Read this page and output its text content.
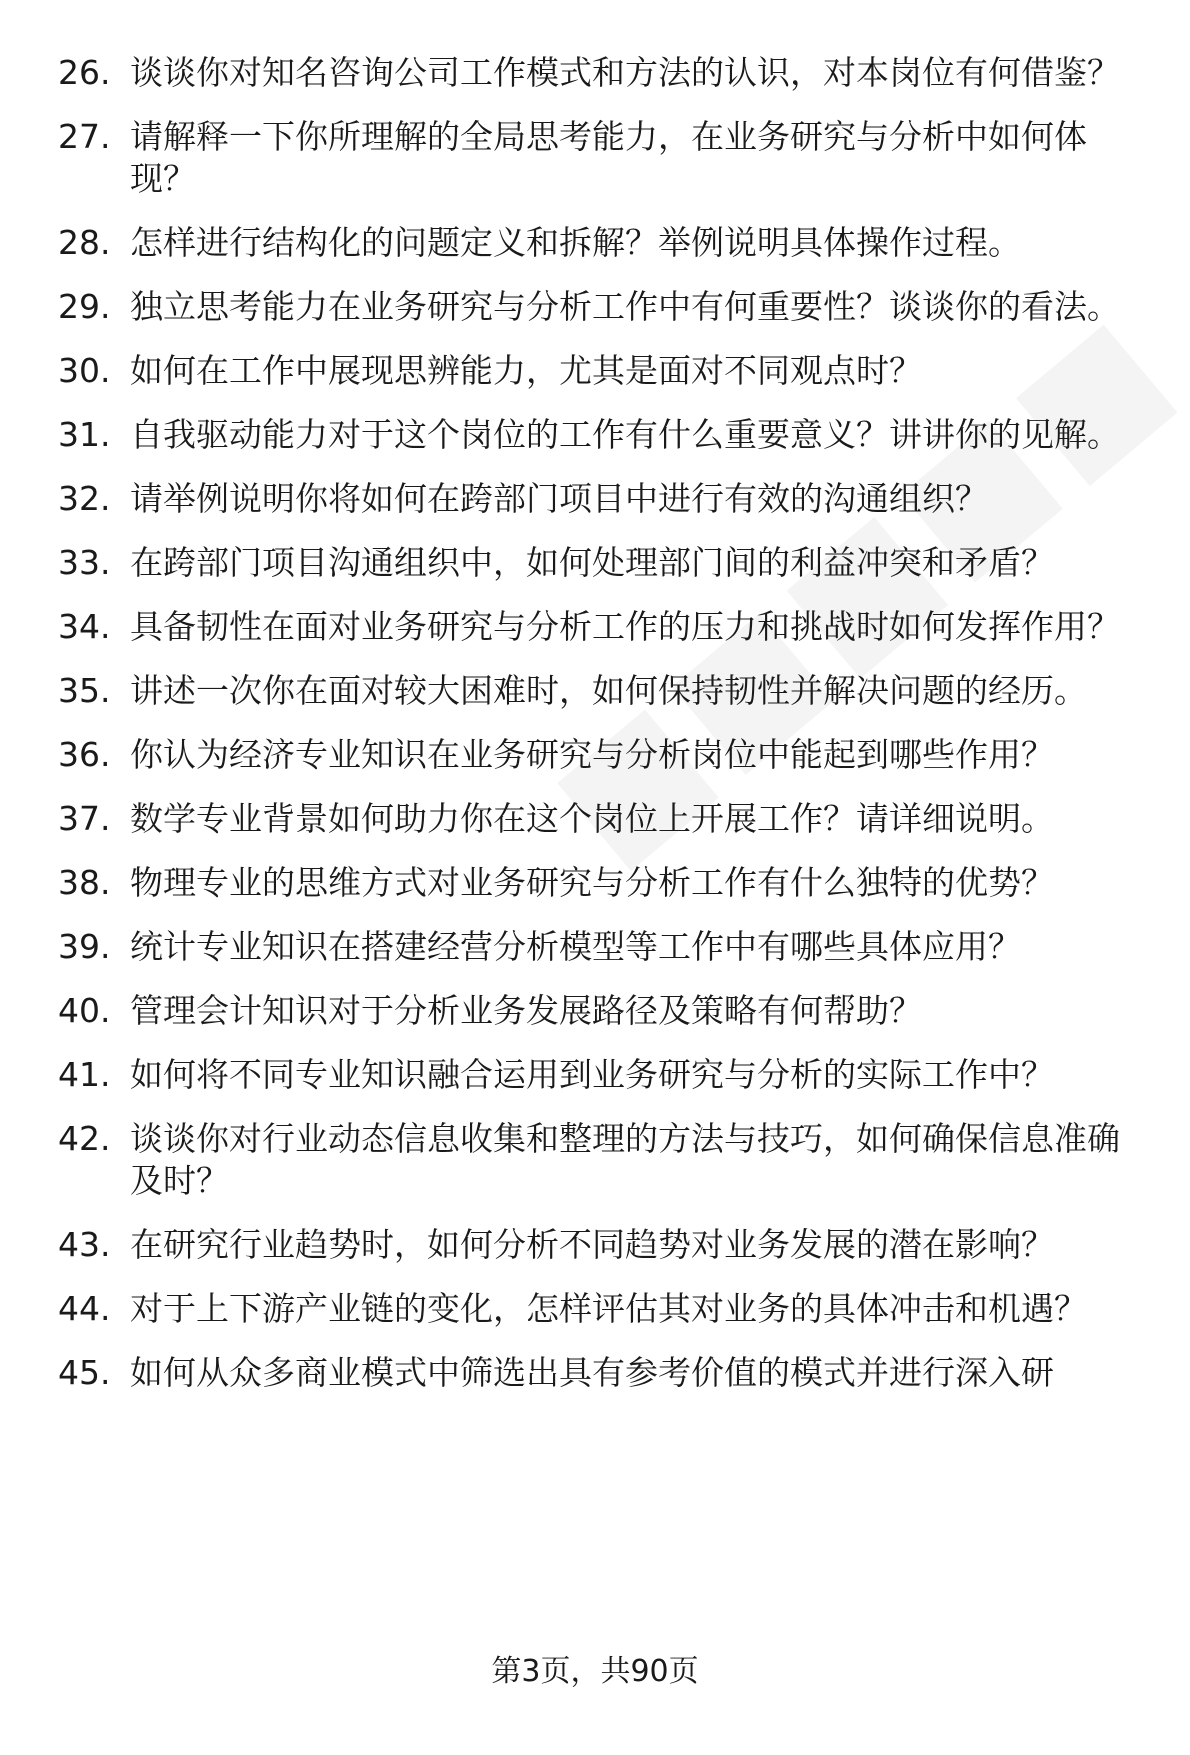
26. 谈谈你对知名咨询公司工作模式和方法的认识，对本岗位有何借鉴？
27. 请解释一下你所理解的全局思考能力，在业务研究与分析中如何体现？
28. 怎样进行结构化的问题定义和拆解？举例说明具体操作过程。
29. 独立思考能力在业务研究与分析工作中有何重要性？谈谈你的看法。
30. 如何在工作中展现思辨能力，尤其是面对不同观点时？
31. 自我驱动能力对于这个岗位的工作有什么重要意义？讲讲你的见解。
32. 请举例说明你将如何在跨部门项目中进行有效的沟通组织？
33. 在跨部门项目沟通组织中，如何处理部门间的利益冲突和矛盾？
34. 具备韧性在面对业务研究与分析工作的压力和挑战时如何发挥作用？
35. 讲述一次你在面对较大困难时，如何保持韧性并解决问题的经历。
36. 你认为经济专业知识在业务研究与分析岗位中能起到哪些作用？
37. 数学专业背景如何助力你在这个岗位上开展工作？请详细说明。
38. 物理专业的思维方式对业务研究与分析工作有什么独特的优势？
39. 统计专业知识在搭建经营分析模型等工作中有哪些具体应用？
40. 管理会计知识对于分析业务发展路径及策略有何帮助？
41. 如何将不同专业知识融合运用到业务研究与分析的实际工作中？
42. 谈谈你对行业动态信息收集和整理的方法与技巧，如何确保信息准确及时？
43. 在研究行业趋势时，如何分析不同趋势对业务发展的潜在影响？
44. 对于上下游产业链的变化，怎样评估其对业务的具体冲击和机遇？
45. 如何从众多商业模式中筛选出具有参考价值的模式并进行深入研
第3页，共90页
